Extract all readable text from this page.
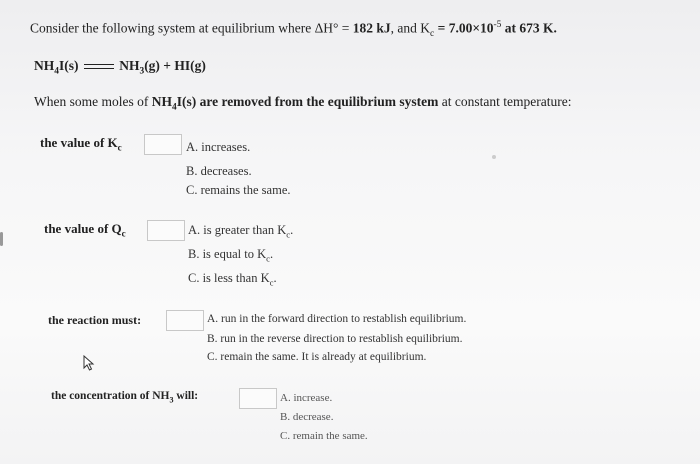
Consider the following system at equilibrium where ΔH° = 182 kJ, and $K_c = 7.00\times 10^{-5}$ at 673 K.
$NH_4I(s)$	$NH_3(g) + HI(g)$
When some moles of $NH_4I(s)$ are removed from the equilibrium system at constant temperature:
the value of $K_c$	A. increases.
B. decreases.
C. remains the same.
the value of $Q_c$	A. is greater than $K_c$.
B. is equal to $K_c$.
C. is less than $K_c$.
the reaction must:	A. run in the forward direction to restablish equilibrium.
B. run in the reverse direction to restablish equilibrium.
C. remain the same. It is already at equilibrium.
the concentration of $NH_3$ will:	A. increase.
B. decrease.
C. remain the same.
